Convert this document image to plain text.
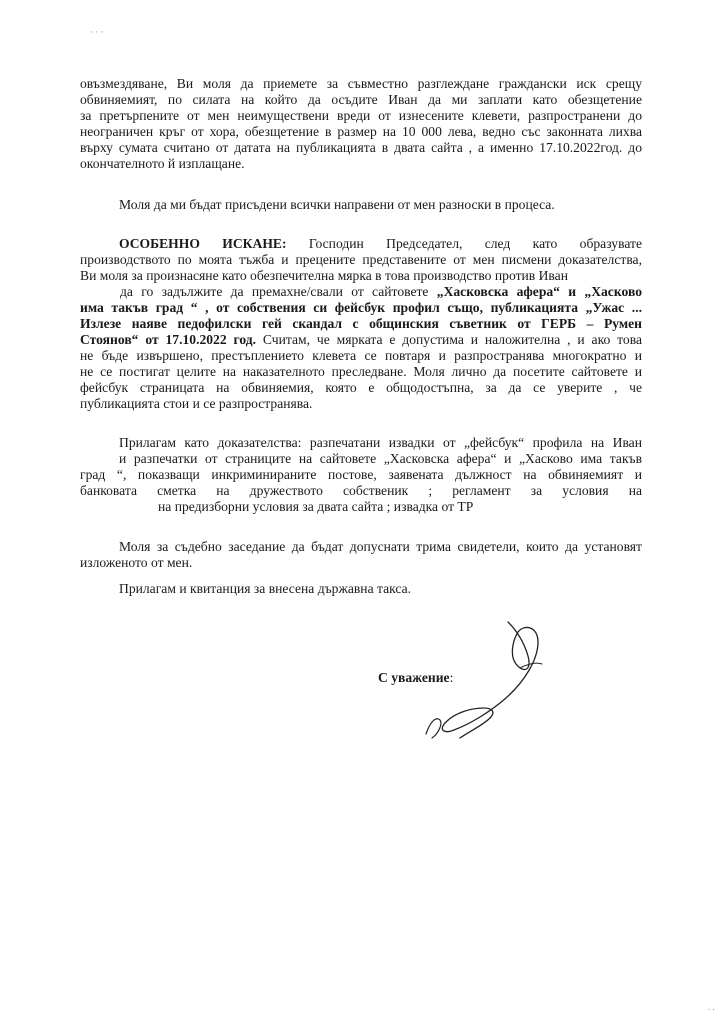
· · ·
овъзмездяване, Ви моля да приемете за съвместно разглеждане граждански иск срещу
обвиняемият, по силата на който да осъдите Иван да ми заплати като обезщетение
за претърпените от мен неимуществени вреди от изнесените клевети, разпространени до
неограничен кръг от хора, обезщетение в размер на 10 000 лева, ведно със законната лихва
върху сумата считано от датата на публикацията в двата сайта , а именно 17.10.2022год. до
окончателното й изплащане.
Моля да ми бъдат присъдени всички направени от мен разноски в процеса.
ОСОБЕННО ИСКАНЕ: Господин Председател, след като образувате
производството по моята тъжба и прецените представените от мен писмени доказателства,
Ви моля за произнасяне като обезпечителна мярка в това производство против Иван
да го задължите да премахне/свали от сайтовете „Хасковска афера“ и „Хасково
има такъв град “ , от собствения си фейсбук профил също, публикацията „Ужас ...
Излезе наяве педофилски гей скандал с общинския съветник от ГЕРБ – Румен
Стоянов“ от 17.10.2022 год. Считам, че мярката е допустима и наложителна , и ако това
не бъде извършено, престъплението клевета се повтаря и разпространява многократно и
не се постигат целите на наказателното преследване. Моля лично да посетите сайтовете и
фейсбук страницата на обвиняемия, която е общодостъпна, за да се уверите , че
публикацията стои и се разпространява.
Прилагам като доказателства: разпечатани извадки от „фейсбук“ профила на Иван
и разпечатки от страниците на сайтовете „Хасковска афера“ и „Хасково има такъв
град “, показващи инкриминираните постове, заявената дължност на обвиняемият и
банковата сметка на дружеството собственик ; регламент за условия на
на предизборни условия за двата сайта ; извадка от ТР
Моля за съдебно заседание да бъдат допуснати трима свидетели, които да установят
изложеното от мен.
Прилагам и квитанция за внесена държавна такса.
С уважение:
. .
